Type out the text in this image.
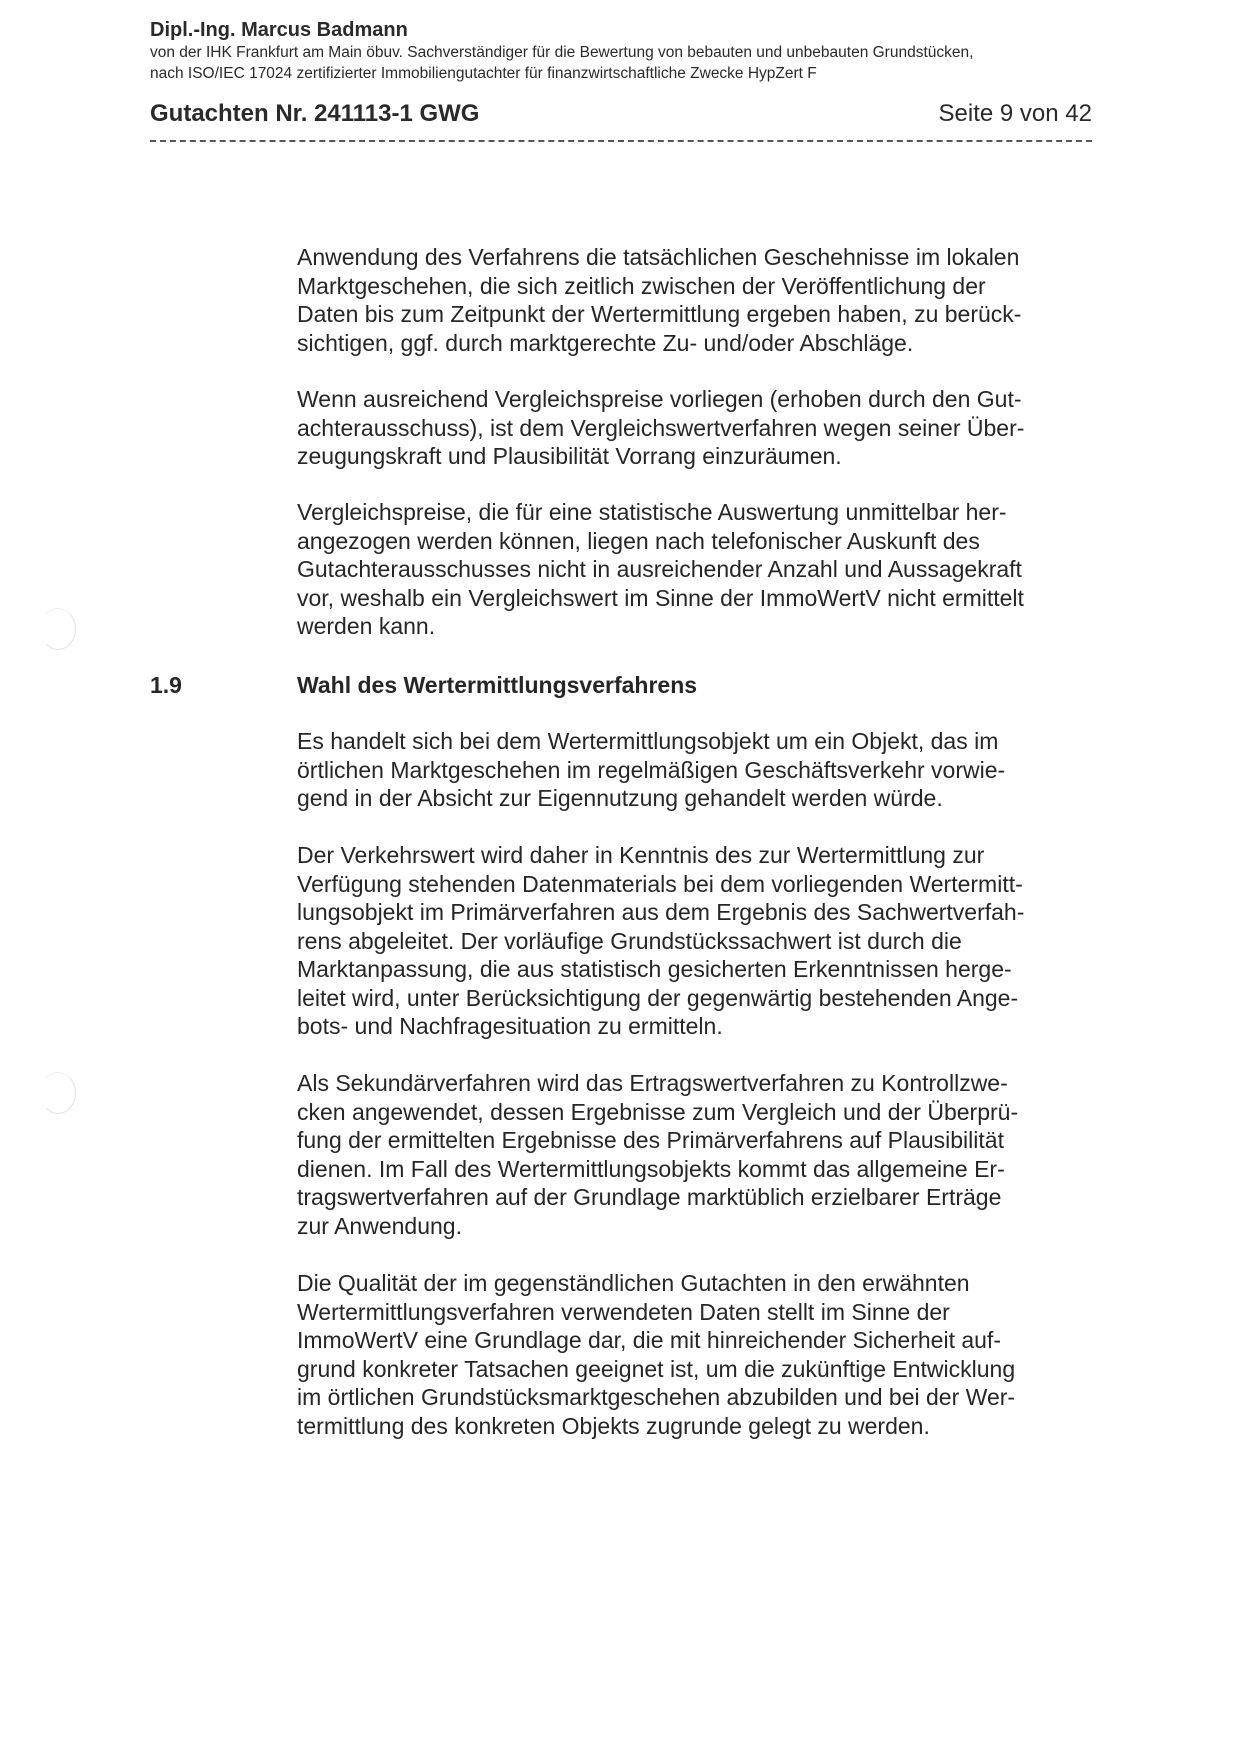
Dipl.-Ing. Marcus Badmann
von der IHK Frankfurt am Main öbuv. Sachverständiger für die Bewertung von bebauten und unbebauten Grundstücken,
nach ISO/IEC 17024 zertifizierter Immobiliengutachter für finanzwirtschaftliche Zwecke HypZert F
Gutachten Nr. 241113-1 GWG	Seite 9 von 42

Anwendung des Verfahrens die tatsächlichen Geschehnisse im lokalen

Marktgeschehen, die sich zeitlich zwischen der Veröffentlichung der

Daten bis zum Zeitpunkt der Wertermittlung ergeben haben, zu berück-

sichtigen, ggf. durch marktgerechte Zu- und/oder Abschläge.

Wenn ausreichend Vergleichspreise vorliegen (erhoben durch den Gut-

achterausschuss), ist dem Vergleichswertverfahren wegen seiner Über-

zeugungskraft und Plausibilität Vorrang einzuräumen.

Vergleichspreise, die für eine statistische Auswertung unmittelbar her-

angezogen werden können, liegen nach telefonischer Auskunft des

Gutachterausschusses nicht in ausreichender Anzahl und Aussagekraft

vor, weshalb ein Vergleichswert im Sinne der ImmoWertV nicht ermittelt

werden kann.

1.9	Wahl des Wertermittlungsverfahrens

Es handelt sich bei dem Wertermittlungsobjekt um ein Objekt, das im

örtlichen Marktgeschehen im regelmäßigen Geschäftsverkehr vorwie-

gend in der Absicht zur Eigennutzung gehandelt werden würde.

Der Verkehrswert wird daher in Kenntnis des zur Wertermittlung zur

Verfügung stehenden Datenmaterials bei dem vorliegenden Wertermitt-

lungsobjekt im Primärverfahren aus dem Ergebnis des Sachwertverfah-

rens abgeleitet. Der vorläufige Grundstückssachwert ist durch die

Marktanpassung, die aus statistisch gesicherten Erkenntnissen herge-

leitet wird, unter Berücksichtigung der gegenwärtig bestehenden Ange-

bots- und Nachfragesituation zu ermitteln.

Als Sekundärverfahren wird das Ertragswertverfahren zu Kontrollzwe-

cken angewendet, dessen Ergebnisse zum Vergleich und der Überprü-

fung der ermittelten Ergebnisse des Primärverfahrens auf Plausibilität

dienen. Im Fall des Wertermittlungsobjekts kommt das allgemeine Er-

tragswertverfahren auf der Grundlage marktüblich erzielbarer Erträge

zur Anwendung.

Die Qualität der im gegenständlichen Gutachten in den erwähnten

Wertermittlungsverfahren verwendeten Daten stellt im Sinne der

ImmoWertV eine Grundlage dar, die mit hinreichender Sicherheit auf-

grund konkreter Tatsachen geeignet ist, um die zukünftige Entwicklung

im örtlichen Grundstücksmarktgeschehen abzubilden und bei der Wer-

termittlung des konkreten Objekts zugrunde gelegt zu werden.
